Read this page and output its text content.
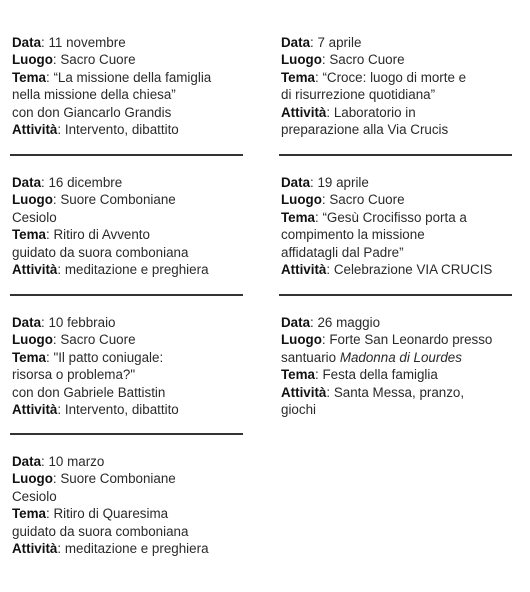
Data: 11 novembre
Luogo: Sacro Cuore
Tema: “La missione della famiglia
nella missione della chiesa”
con don Giancarlo Grandis
Attività: Intervento, dibattito
Data: 16 dicembre
Luogo: Suore Comboniane
Cesiolo
Tema: Ritiro di Avvento
guidato da suora comboniana
Attività: meditazione e preghiera
Data: 10 febbraio
Luogo: Sacro Cuore
Tema: "Il patto coniugale:
risorsa o problema?"
con don Gabriele Battistin
Attività: Intervento, dibattito
Data: 10 marzo
Luogo: Suore Comboniane
Cesiolo
Tema: Ritiro di Quaresima
guidato da suora comboniana
Attività: meditazione e preghiera
Data: 7 aprile
Luogo: Sacro Cuore
Tema: “Croce: luogo di morte e
di risurrezione quotidiana”
Attività: Laboratorio in
preparazione alla Via Crucis
Data: 19 aprile
Luogo: Sacro Cuore
Tema: “Gesù Crocifisso porta a
compimento la missione
affidatagli dal Padre”
Attività: Celebrazione VIA CRUCIS
Data: 26 maggio
Luogo: Forte San Leonardo presso
santuario Madonna di Lourdes
Tema: Festa della famiglia
Attività: Santa Messa, pranzo,
giochi
